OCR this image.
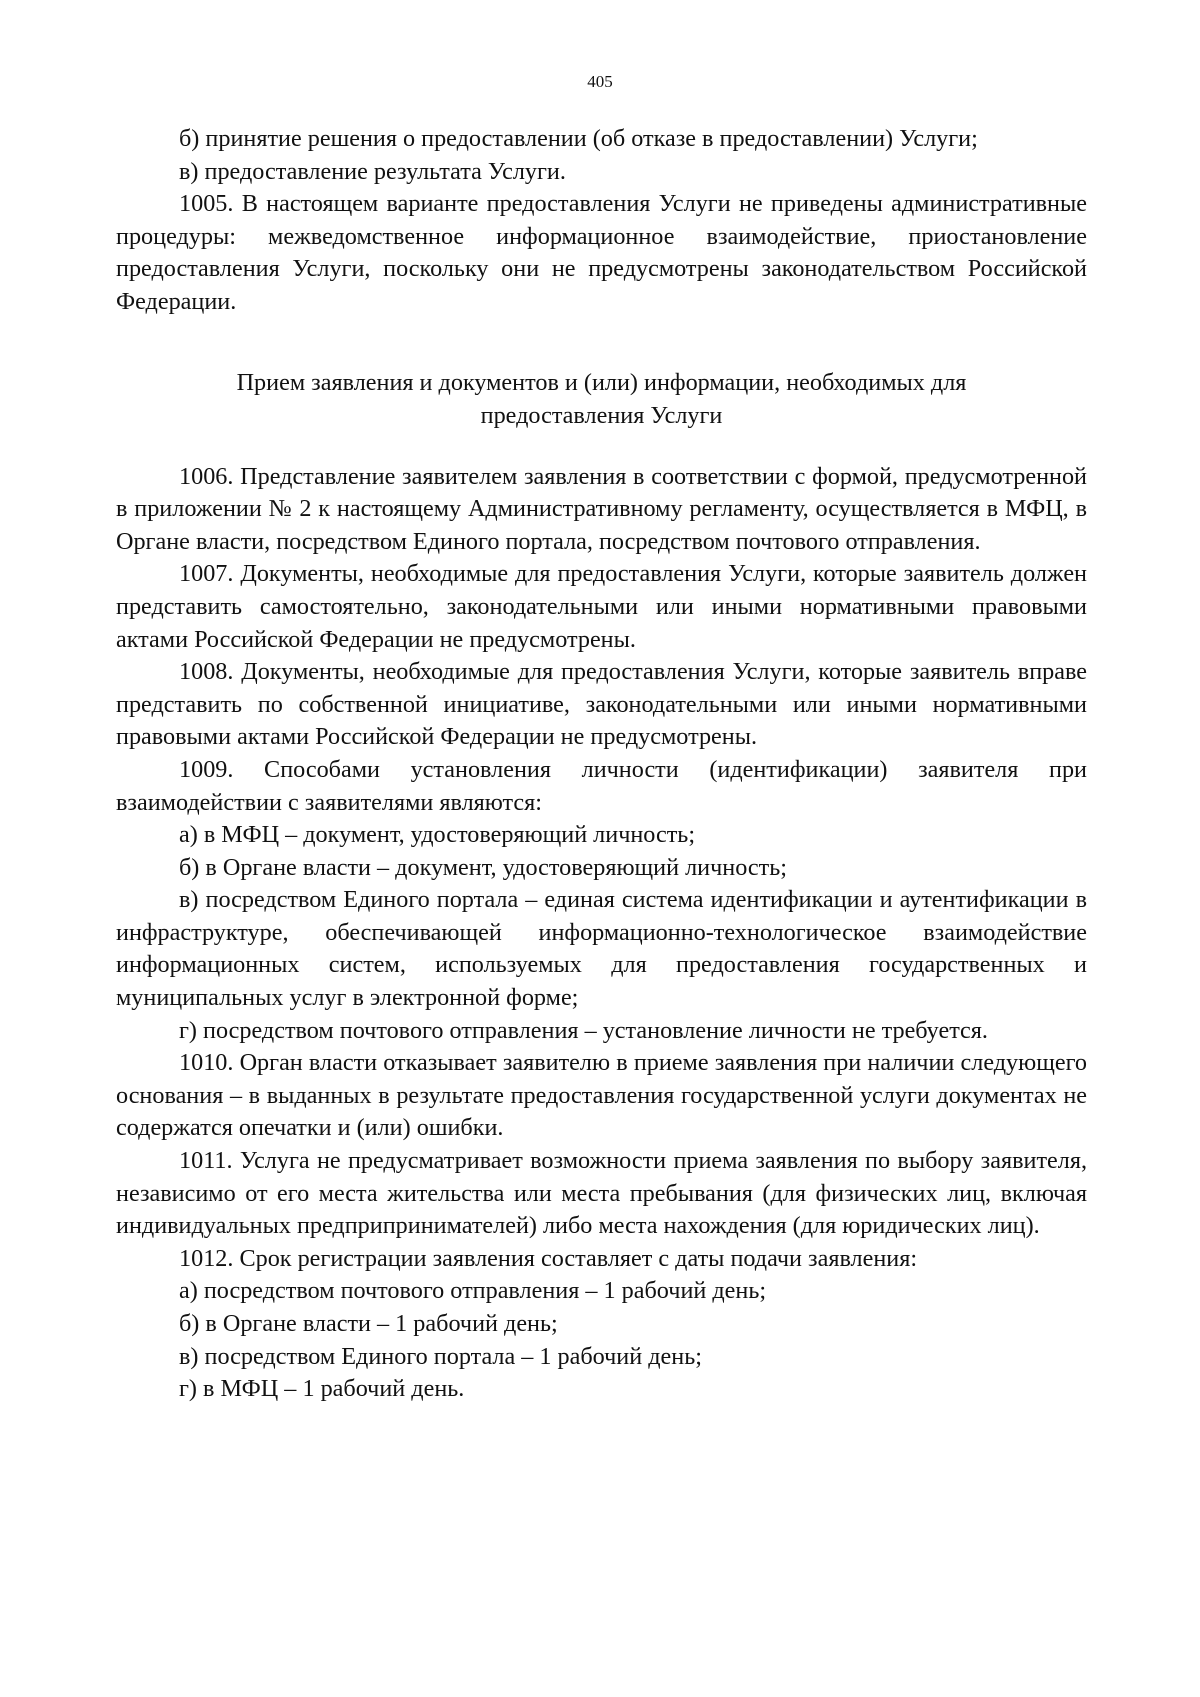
405

б) принятие решения о предоставлении (об отказе в предоставлении) Услуги;

в) предоставление результата Услуги.

1005. В настоящем варианте предоставления Услуги не приведены административные процедуры: межведомственное информационное взаимодействие, приостановление предоставления Услуги, поскольку они не предусмотрены законодательством Российской Федерации.

Прием заявления и документов и (или) информации, необходимых для
предоставления Услуги

1006. Представление заявителем заявления в соответствии с формой, предусмотренной в приложении № 2 к настоящему Административному регламенту, осуществляется в МФЦ, в Органе власти, посредством Единого портала, посредством почтового отправления.

1007. Документы, необходимые для предоставления Услуги, которые заявитель должен представить самостоятельно, законодательными или иными нормативными правовыми актами Российской Федерации не предусмотрены.

1008. Документы, необходимые для предоставления Услуги, которые заявитель вправе представить по собственной инициативе, законодательными или иными нормативными правовыми актами Российской Федерации не предусмотрены.

1009. Способами установления личности (идентификации) заявителя при взаимодействии с заявителями являются:

а) в МФЦ – документ, удостоверяющий личность;

б) в Органе власти – документ, удостоверяющий личность;

в) посредством Единого портала – единая система идентификации и аутентификации в инфраструктуре, обеспечивающей информационно-технологическое взаимодействие информационных систем, используемых для предоставления государственных и муниципальных услуг в электронной форме;

г) посредством почтового отправления – установление личности не требуется.

1010. Орган власти отказывает заявителю в приеме заявления при наличии следующего основания – в выданных в результате предоставления государственной услуги документах не содержатся опечатки и (или) ошибки.

1011. Услуга не предусматривает возможности приема заявления по выбору заявителя, независимо от его места жительства или места пребывания (для физических лиц, включая индивидуальных предприпринимателей) либо места нахождения (для юридических лиц).

1012. Срок регистрации заявления составляет с даты подачи заявления:

а) посредством почтового отправления – 1 рабочий день;

б) в Органе власти – 1 рабочий день;

в) посредством Единого портала – 1 рабочий день;

г) в МФЦ – 1 рабочий день.
